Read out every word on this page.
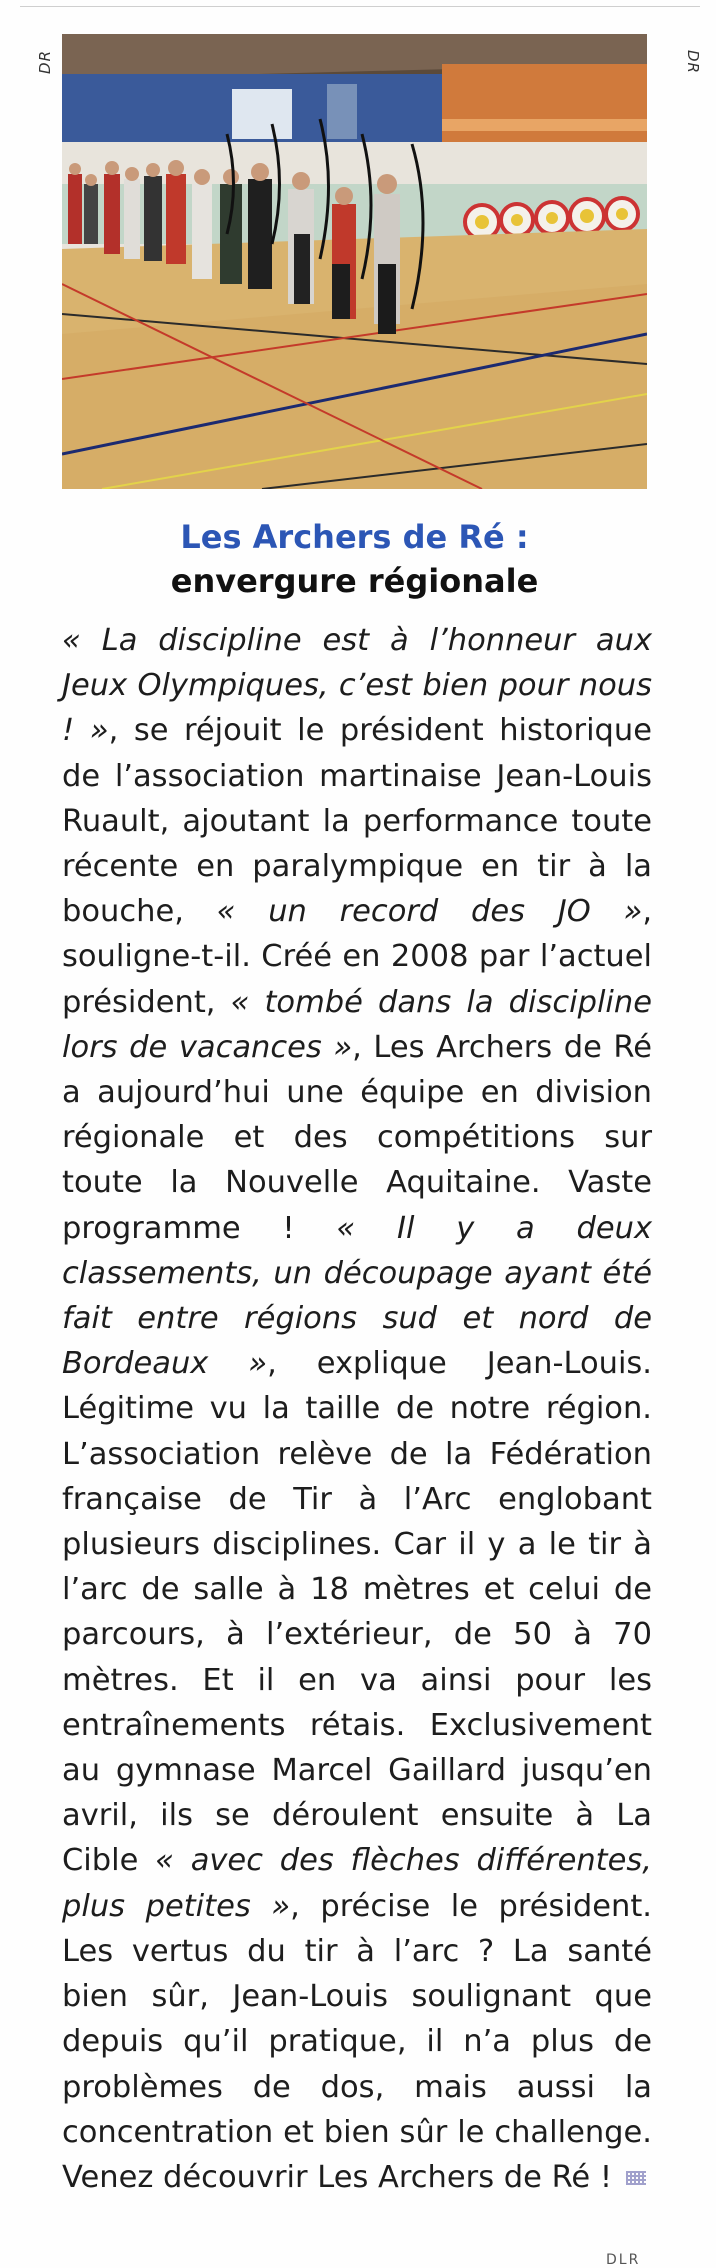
DR	DR
Les Archers de Ré :
envergure régionale

« La discipline est à l’honneur aux Jeux Olympiques, c’est bien pour nous ! », se réjouit le président historique de l’association martinaise Jean-Louis Ruault, ajoutant la performance toute récente en paralympique en tir à la bouche, « un record des JO », souligne-t-il. Créé en 2008 par l’actuel président, « tombé dans la discipline lors de vacances », Les Archers de Ré a aujourd’hui une équipe en division régionale et des compétitions sur toute la Nouvelle Aquitaine. Vaste programme ! « Il y a deux classements, un découpage ayant été fait entre régions sud et nord de Bordeaux », explique Jean-Louis. Légitime vu la taille de notre région. L’association relève de la Fédération française de Tir à l’Arc englobant plusieurs disciplines. Car il y a le tir à l’arc de salle à 18 mètres et celui de parcours, à l’extérieur, de 50 à 70 mètres. Et il en va ainsi pour les entraînements rétais. Exclusivement au gymnase Marcel Gaillard jusqu’en avril, ils se déroulent ensuite à La Cible « avec des flèches différentes, plus petites », précise le président. Les vertus du tir à l’arc ? La santé bien sûr, Jean-Louis soulignant que depuis qu’il pratique, il n’a plus de problèmes de dos, mais aussi la concentration et bien sûr le challenge. Venez découvrir Les Archers de Ré !

DLR
